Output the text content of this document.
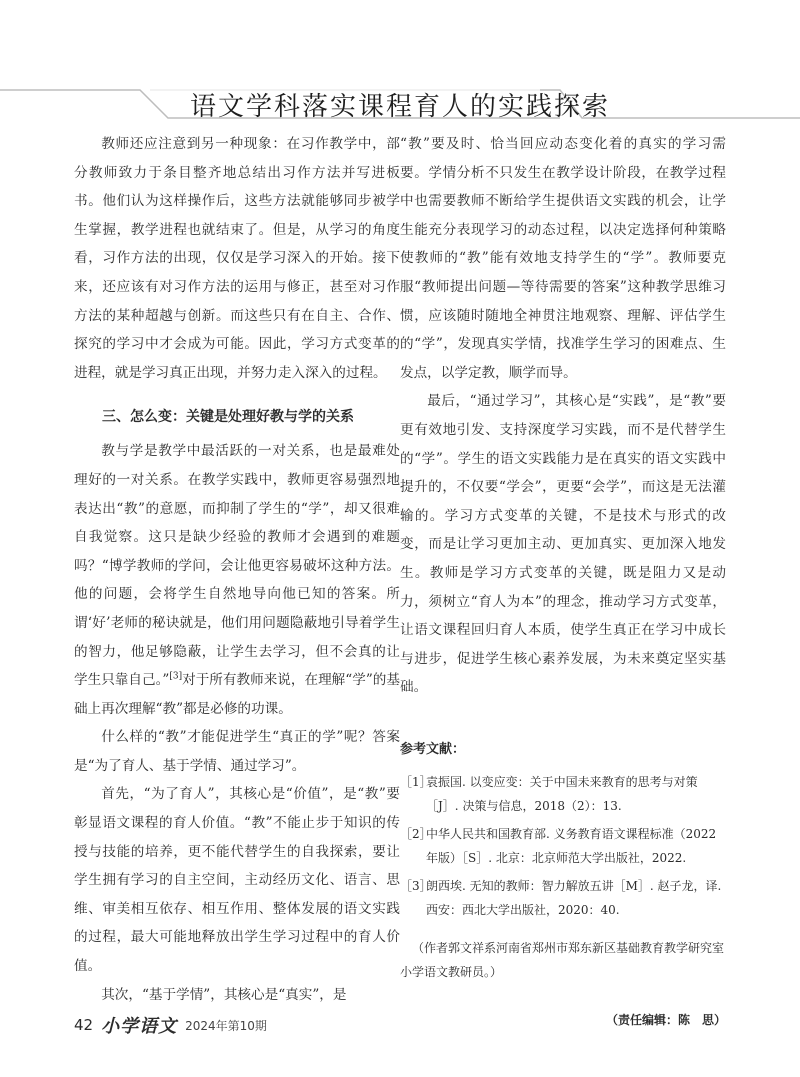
语文学科落实课程育人的实践探索

教师还应注意到另一种现象：在习作教学中，部分教师致力于条目整齐地总结出习作方法并写进板书。他们认为这样操作后，这些方法就能够同步被学生掌握，教学进程也就结束了。但是，从学习的角度看，习作方法的出现，仅仅是学习深入的开始。接下来，还应该有对习作方法的运用与修正，甚至对习作方法的某种超越与创新。而这些只有在自主、合作、探究的学习中才会成为可能。因此，学习方式变革的进程，就是学习真正出现，并努力走入深入的过程。

三、怎么变：关键是处理好教与学的关系

教与学是教学中最活跃的一对关系，也是最难处理好的一对关系。在教学实践中，教师更容易强烈地表达出“教”的意愿，而抑制了学生的“学”，却又很难自我觉察。这只是缺少经验的教师才会遇到的难题吗？“博学教师的学问，会让他更容易破坏这种方法。他的问题，会将学生自然地导向他已知的答案。所谓‘好’老师的秘诀就是，他们用问题隐蔽地引导着学生的智力，他足够隐蔽，让学生去学习，但不会真的让学生只靠自己。”[3]对于所有教师来说，在理解“学”的基础上再次理解“教”都是必修的功课。

什么样的“教”才能促进学生“真正的学”呢？答案是“为了育人、基于学情、通过学习”。

首先，“为了育人”，其核心是“价值”，是“教”要彰显语文课程的育人价值。“教”不能止步于知识的传授与技能的培养，更不能代替学生的自我探索，要让学生拥有学习的自主空间，主动经历文化、语言、思维、审美相互依存、相互作用、整体发展的语文实践的过程，最大可能地释放出学生学习过程中的育人价值。

其次，“基于学情”，其核心是“真实”，是

“教”要及时、恰当回应动态变化着的真实的学习需要。学情分析不只发生在教学设计阶段，在教学过程中也需要教师不断给学生提供语文实践的机会，让学生能充分表现学习的动态过程，以决定选择何种策略使教师的“教”能有效地支持学生的“学”。教师要克服“教师提出问题—等待需要的答案”这种教学思维习惯，应该随时随地全神贯注地观察、理解、评估学生的“学”，发现真实学情，找准学生学习的困难点、生发点，以学定教，顺学而导。

最后，“通过学习”，其核心是“实践”，是“教”要更有效地引发、支持深度学习实践，而不是代替学生的“学”。学生的语文实践能力是在真实的语文实践中提升的，不仅要“学会”，更要“会学”，而这是无法灌输的。学习方式变革的关键，不是技术与形式的改变，而是让学习更加主动、更加真实、更加深入地发生。教师是学习方式变革的关键，既是阻力又是动力，须树立“育人为本”的理念，推动学习方式变革，让语文课程回归育人本质，使学生真正在学习中成长与进步，促进学生核心素养发展，为未来奠定坚实基础。

参考文献：
［1］袁振国. 以变应变：关于中国未来教育的思考与对策［J］. 决策与信息，2018（2）：13.
［2］中华人民共和国教育部. 义务教育语文课程标准（2022年版）［S］. 北京：北京师范大学出版社，2022.
［3］朗西埃. 无知的教师：智力解放五讲［M］. 赵子龙，译. 西安：西北大学出版社，2020：40.
（作者郭文祥系河南省郑州市郑东新区基础教育教学研究室小学语文教研员。）
（责任编辑：陈　思）
42 小学语文 2024年第10期
